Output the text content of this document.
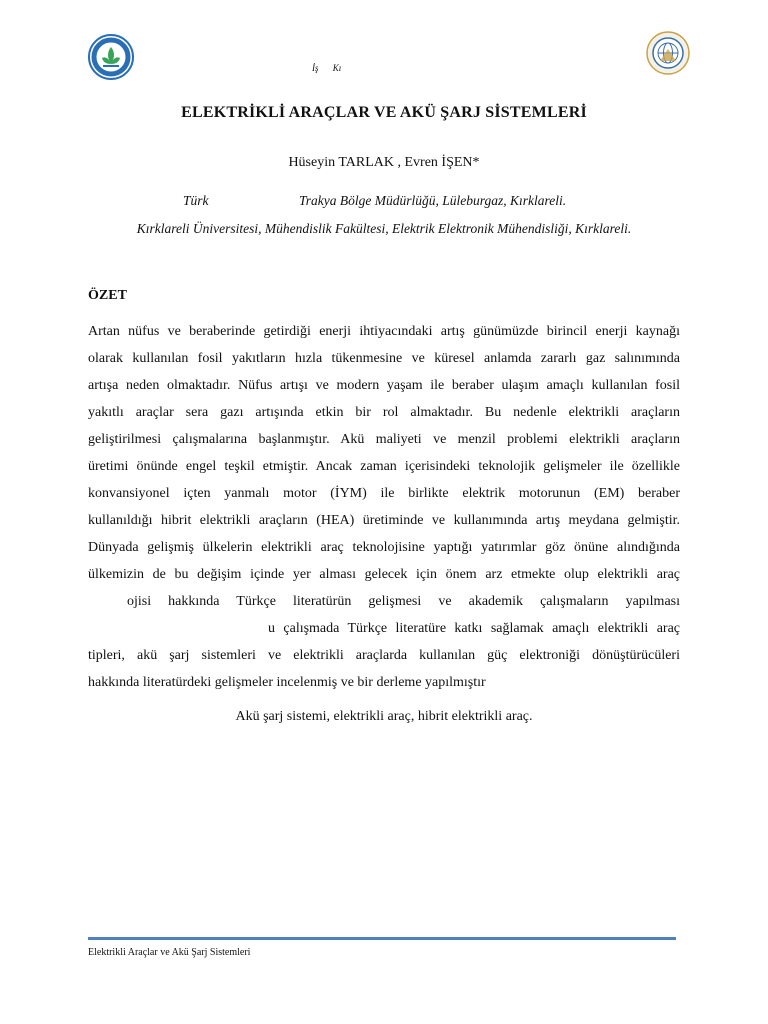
İş Kı
ELEKTRİKLİ ARAÇLAR VE AKÜ ŞARJ SİSTEMLERİ
Hüseyin TARLAK , Evren İŞEN*
Türk	Trakya Bölge Müdürlüğü, Lüleburgaz, Kırklareli.
Kırklareli Üniversitesi, Mühendislik Fakültesi, Elektrik Elektronik Mühendisliği, Kırklareli.
ÖZET
Artan nüfus ve beraberinde getirdiği enerji ihtiyacındaki artış günümüzde birincil enerji kaynağı
olarak kullanılan fosil yakıtların hızla tükenmesine ve küresel anlamda zararlı gaz salınımında
artışa neden olmaktadır. Nüfus artışı ve modern yaşam ile beraber ulaşım amaçlı kullanılan fosil
yakıtlı araçlar sera gazı artışında etkin bir rol almaktadır. Bu nedenle elektrikli araçların
geliştirilmesi çalışmalarına başlanmıştır. Akü maliyeti ve menzil problemi elektrikli araçların
üretimi önünde engel teşkil etmiştir. Ancak zaman içerisindeki teknolojik gelişmeler ile özellikle
konvansiyonel içten yanmalı motor (İYM) ile birlikte elektrik motorunun (EM) beraber
kullanıldığı hibrit elektrikli araçların (HEA) üretiminde ve kullanımında artış meydana gelmiştir.
Dünyada gelişmiş ülkelerin elektrikli araç teknolojisine yaptığı yatırımlar göz önüne alındığında
ülkemizin de bu değişim içinde yer alması gelecek için önem arz etmekte olup elektrikli araç
ojisi hakkında Türkçe literatürün gelişmesi ve akademik çalışmaların yapılması
u çalışmada Türkçe literatüre katkı sağlamak amaçlı elektrikli araç
tipleri, akü şarj sistemleri ve elektrikli araçlarda kullanılan güç elektroniği dönüştürücüleri
hakkında literatürdeki gelişmeler incelenmiş ve bir derleme yapılmıştır
Akü şarj sistemi, elektrikli araç, hibrit elektrikli araç.
Elektrikli Araçlar ve Akü Şarj Sistemleri
